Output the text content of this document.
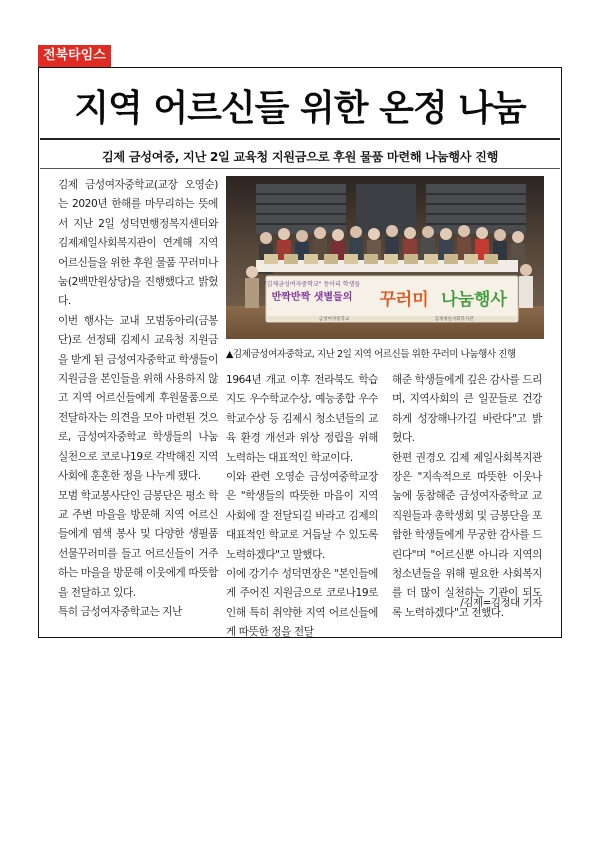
전북타임스
지역 어르신들 위한 온정 나눔
김제 금성여중, 지난 2일 교육청 지원금으로 후원 물품 마련해 나눔행사 진행
김제 금성여자중학교(교장 오영순)는 2020년 한해를 마무리하는 뜻에서 지난 2일 성덕면행정복지센터와 김제제일사회복지관이 연계해 지역 어르신들을 위한 후원 물품 꾸러미나눔(2백만원상당)을 진행했다고 밝혔다.
이번 행사는 교내 모범동아리(금봉단)로 선정돼 김제시 교육청 지원금을 받게 된 금성여자중학교 학생들이 지원금을 본인들을 위해 사용하지 않고 지역 어르신들에게 후원물품으로 전달하자는 의견을 모아 마련된 것으로, 금성여자중학교 학생들의 나눔 실천으로 코로나19로 각박해진 지역 사회에 훈훈한 정을 나누게 됐다.
모범 학교봉사단인 금봉단은 평소 학교 주변 마을을 방문해 지역 어르신들에게 염색 봉사 및 다양한 생필품 선물꾸러미를 들고 어르신들이 거주하는 마을을 방문해 이웃에게 따뜻함을 전달하고 있다.
특히 금성여자중학교는 지난
"김제금성여자중학교" 동아리 학생들
반짝반짝 샛별들의 꾸러미 나눔행사
금성여자중학교	김제제일사회복지관
▲김제금성여자중학교, 지난 2일 지역 어르신들 위한 꾸러미 나눔행사 진행
1964년 개교 이후 전라북도 학습지도 우수학교수상, 예능종합 우수학교수상 등 김제시 청소년들의 교육 환경 개선과 위상 정립을 위해 노력하는 대표적인 학교이다.
이와 관련 오영순 금성여중학교장은 "학생들의 따뜻한 마음이 지역사회에 잘 전달되길 바라고 김제의 대표적인 학교로 거듭날 수 있도록 노력하겠다"고 말했다.
이에 강기수 성덕면장은 "본인들에게 주어진 지원금으로 코로나19로 인해 특히 취약한 지역 어르신들에게 따뜻한 정을 전달
해준 학생들에게 깊은 감사를 드리며, 지역사회의 큰 일꾼들로 건강하게 성장해나가길 바란다"고 밝혔다.
한편 권경오 김제 제일사회복지관장은 "지속적으로 따뜻한 이웃나눔에 동참해준 금성여자중학교 교직원들과 총학생회 및 금봉단을 포함한 학생들에게 무궁한 감사를 드린다"며 "어르신뿐 아니라 지역의 청소년들을 위해 필요한 사회복지를 더 많이 실천하는 기관이 되도록 노력하겠다"고 전했다.
/김제=김정대 기자
